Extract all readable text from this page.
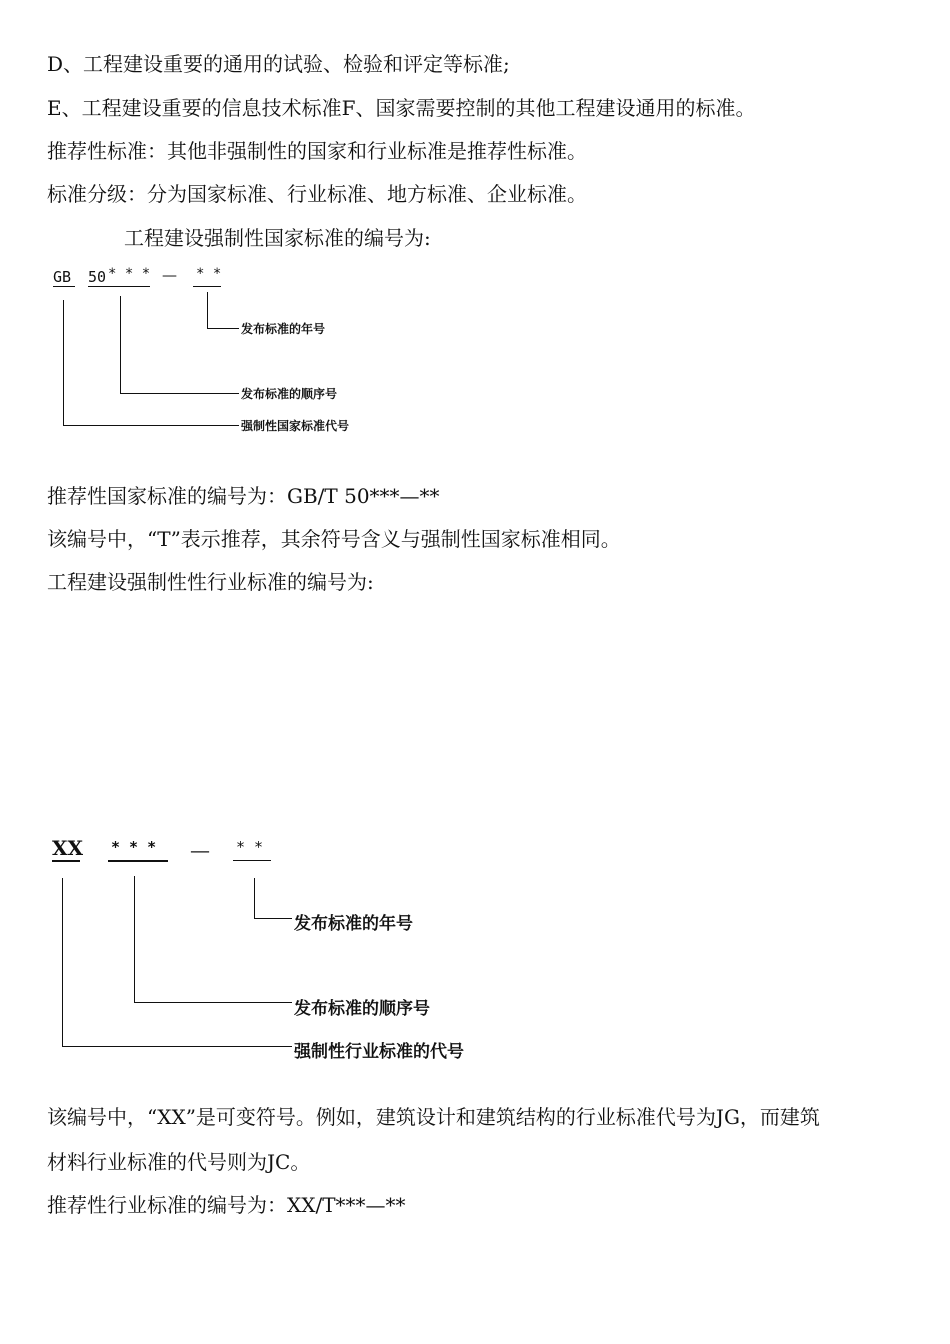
D、工程建设重要的通用的试验、检验和评定等标准;
E、工程建设重要的信息技术标准F、国家需要控制的其他工程建设通用的标准。
推荐性标准：其他非强制性的国家和行业标准是推荐性标准。
标准分级：分为国家标准、行业标准、地方标准、企业标准。
工程建设强制性国家标准的编号为:
GB 50 * * * — * *
发布标准的年号
发布标准的顺序号
强制性国家标准代号
推荐性国家标准的编号为：GB/T 50***—**
该编号中，“T”表示推荐，其余符号含义与强制性国家标准相同。
工程建设强制性性行业标准的编号为:
XX * * * — * *
发布标准的年号
发布标准的顺序号
强制性行业标准的代号
该编号中，“XX”是可变符号。例如，建筑设计和建筑结构的行业标准代号为JG，而建筑
材料行业标准的代号则为JC。
推荐性行业标准的编号为：XX/T***—**
